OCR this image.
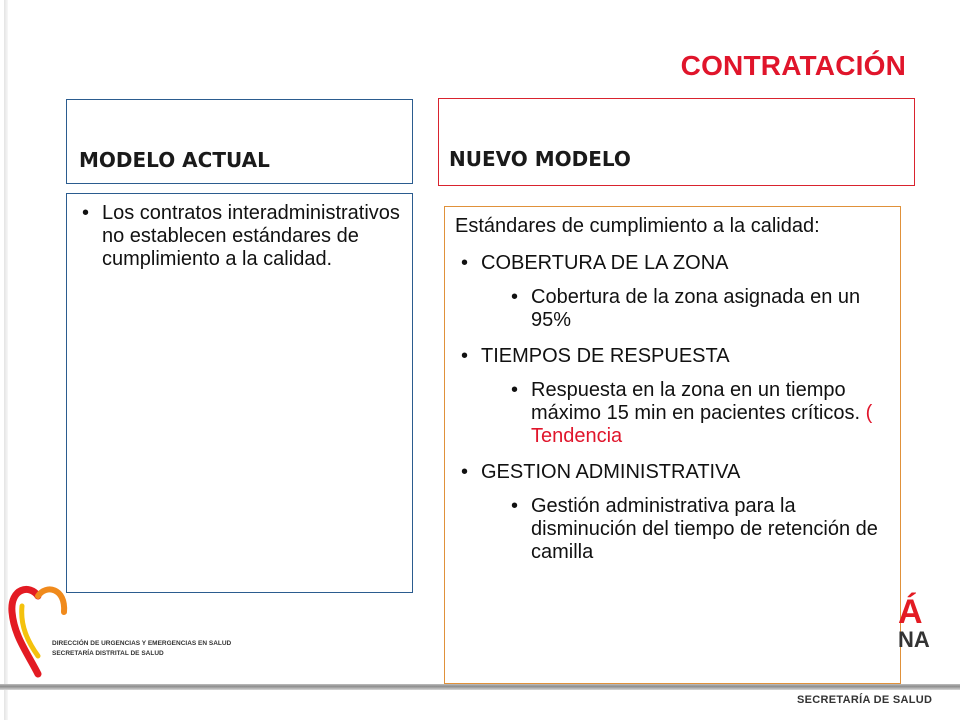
CONTRATACIÓN
MODELO ACTUAL	NUEVO MODELO
• Los contratos interadministrativos no establecen estándares de cumplimiento a la calidad.
Estándares de cumplimiento a la calidad:
• COBERTURA DE LA ZONA
• Cobertura de la zona asignada en un 95%
• TIEMPOS DE RESPUESTA
• Respuesta en la zona en un tiempo máximo 15 min en pacientes críticos. ( Tendencia
• GESTION ADMINISTRATIVA
• Gestión administrativa para la disminución del tiempo de retención de camilla
DIRECCIÓN DE URGENCIAS Y EMERGENCIAS EN SALUD
SECRETARÍA DISTRITAL DE SALUD
Á
NA
SECRETARÍA DE SALUD
